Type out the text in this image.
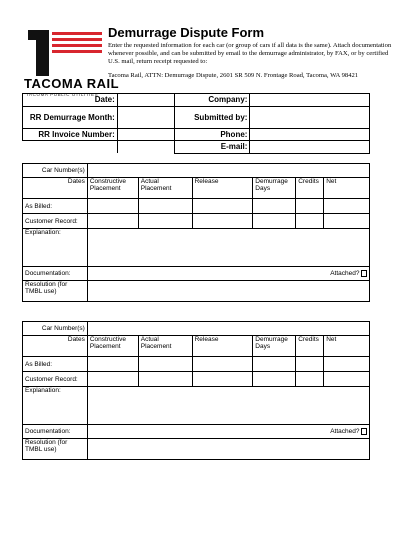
TACOMA RAIL
TACOMA PUBLIC UTILITIES
Demurrage Dispute Form
Enter the requested information for each car (or group of cars if all data is the same). Attach documentation whenever possible, and can be submitted by email to the demurrage administrator, by FAX, or by certified U.S. mail, return receipt requested to:
Tacoma Rail, ATTN: Demurrage Dispute, 2601 SR 509 N. Frontage Road, Tacoma, WA 98421
Date:		Company:	
RR Demurrage Month:		Submitted by:	
RR Invoice Number:		Phone:	
		E-mail:	
Car Number(s)						
Dates	Constructive Placement	Actual Placement	Release	Demurrage Days	Credits	Net
As Billed:						
Customer Record:						
Explanation:						
Documentation:	Attached?					
Resolution (for TMBL use)						
Car Number(s)						
Dates	Constructive Placement	Actual Placement	Release	Demurrage Days	Credits	Net
As Billed:						
Customer Record:						
Explanation:						
Documentation:	Attached?					
Resolution (for TMBL use)						
